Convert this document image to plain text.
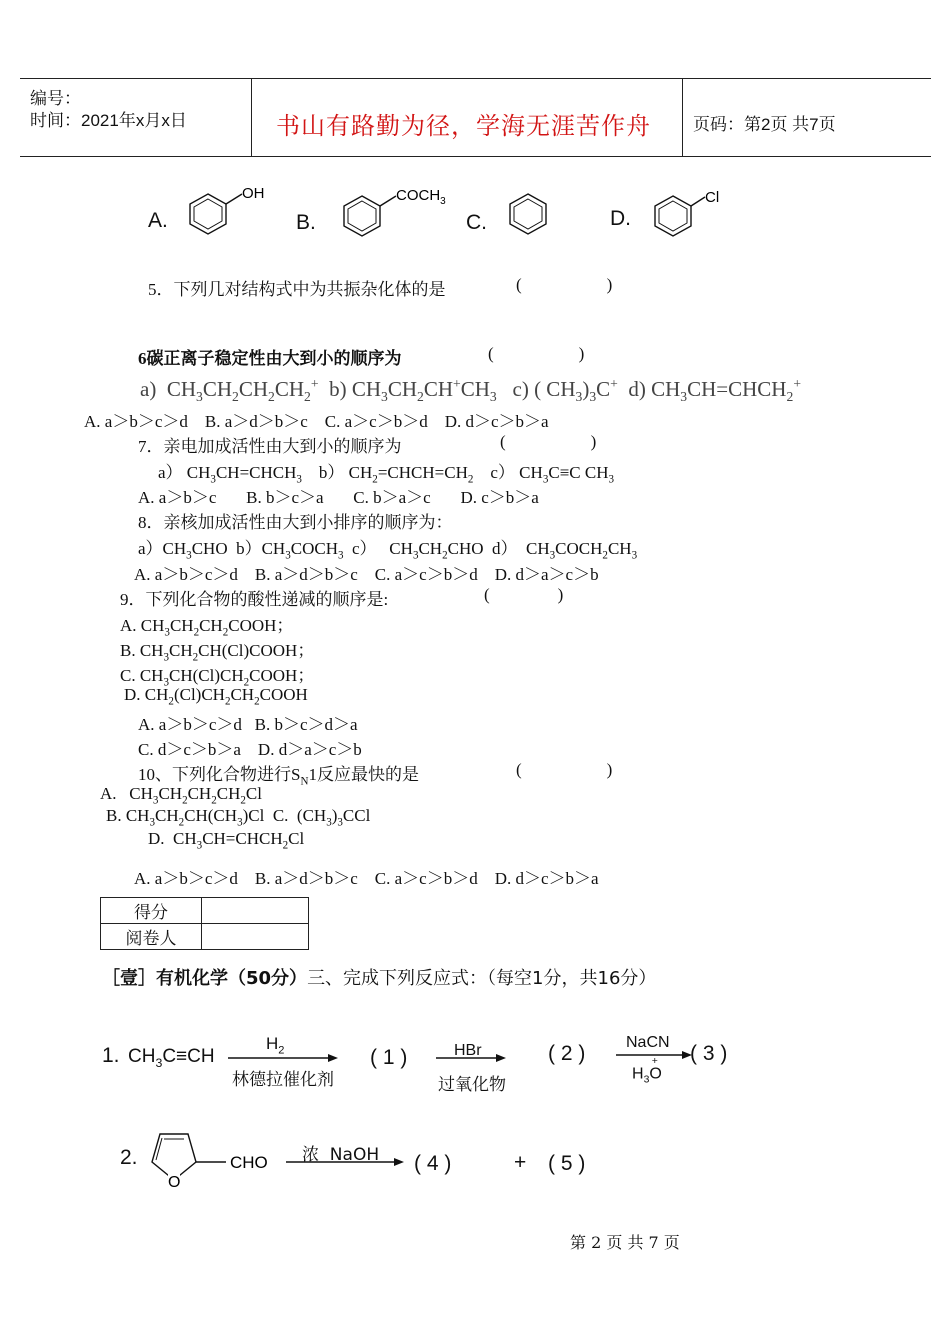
编号：
时间：2021年x月x日	书山有路勤为径，学海无涯苦作舟 页码：第2页 共7页
A.
OH
B.
$COCH_3$
C.	D.
Cl
5．下列几对结构式中为共振杂化体的是	(                    )
6碳正离子稳定性由大到小的顺序为	(                    )
a)  $CH_3CH_2CH_2CH_2^+$  b) $CH_3CH_2CH^+CH_3$   c) ( $CH_3)_3C^+$  d) $CH_3CH=CHCH_2^+$
A. a＞b＞c＞d    B. a＞d＞b＞c    C. a＞c＞b＞d    D. d＞c＞b＞a
7．亲电加成活性由大到小的顺序为	(                    )
a） $CH_3CH=CHCH_3$    b） $CH_2=CHCH=CH_2$    c） $CH_3C\equiv C$ $CH_3$
A. a＞b＞c       B. b＞c＞a       C. b＞a＞c       D. c＞b＞a
8．亲核加成活性由大到小排序的顺序为：
$a)CH_3CHO$  $b)CH_3COCH_3$  c）   $CH_3CH_2CHO$  d）  $CH_3COCH_2CH_3$
A. a＞b＞c＞d    B. a＞d＞b＞c    C. a＞c＞b＞d    D. d＞a＞c＞b
9．下列化合物的酸性递减的顺序是:	(                )
A. $CH_3CH_2CH_2COOH$；
B. $CH_3CH_2CH(Cl)COOH$；
C. $CH_3CH(Cl)CH_2COOH$；
D. $CH_2(Cl)CH_2CH_2COOH$
A. a＞b＞c＞d   B. b＞c＞d＞a
C. d＞c＞b＞a    D. d＞a＞c＞b
10、下列化合物进行$S_N1$反应最快的是	(                    )
A.   $CH_3CH_2CH_2CH_2Cl$
B. $CH_3CH_2CH(CH_3)Cl$  C.  $(CH_3)_3CCl$
D.  $CH_3CH=CHCH_2Cl$
A. a＞b＞c＞d    B. a＞d＞b＞c    C. a＞c＞b＞d    D. d＞c＞b＞a
得分	
阅卷人	
［壹］有机化学（50分）三、完成下列反应式：（每空1分，共16分）
1. $CH_3C\equiv CH$
$H_2$
林德拉催化剂
( 1 )	HBr
过氧化物
( 2 )	NaCN
$H_3O^+$	( 3 )
2.
O
CHO 浓  NaOH ( 4 )	+ ( 5 )
第 2 页 共 7 页
